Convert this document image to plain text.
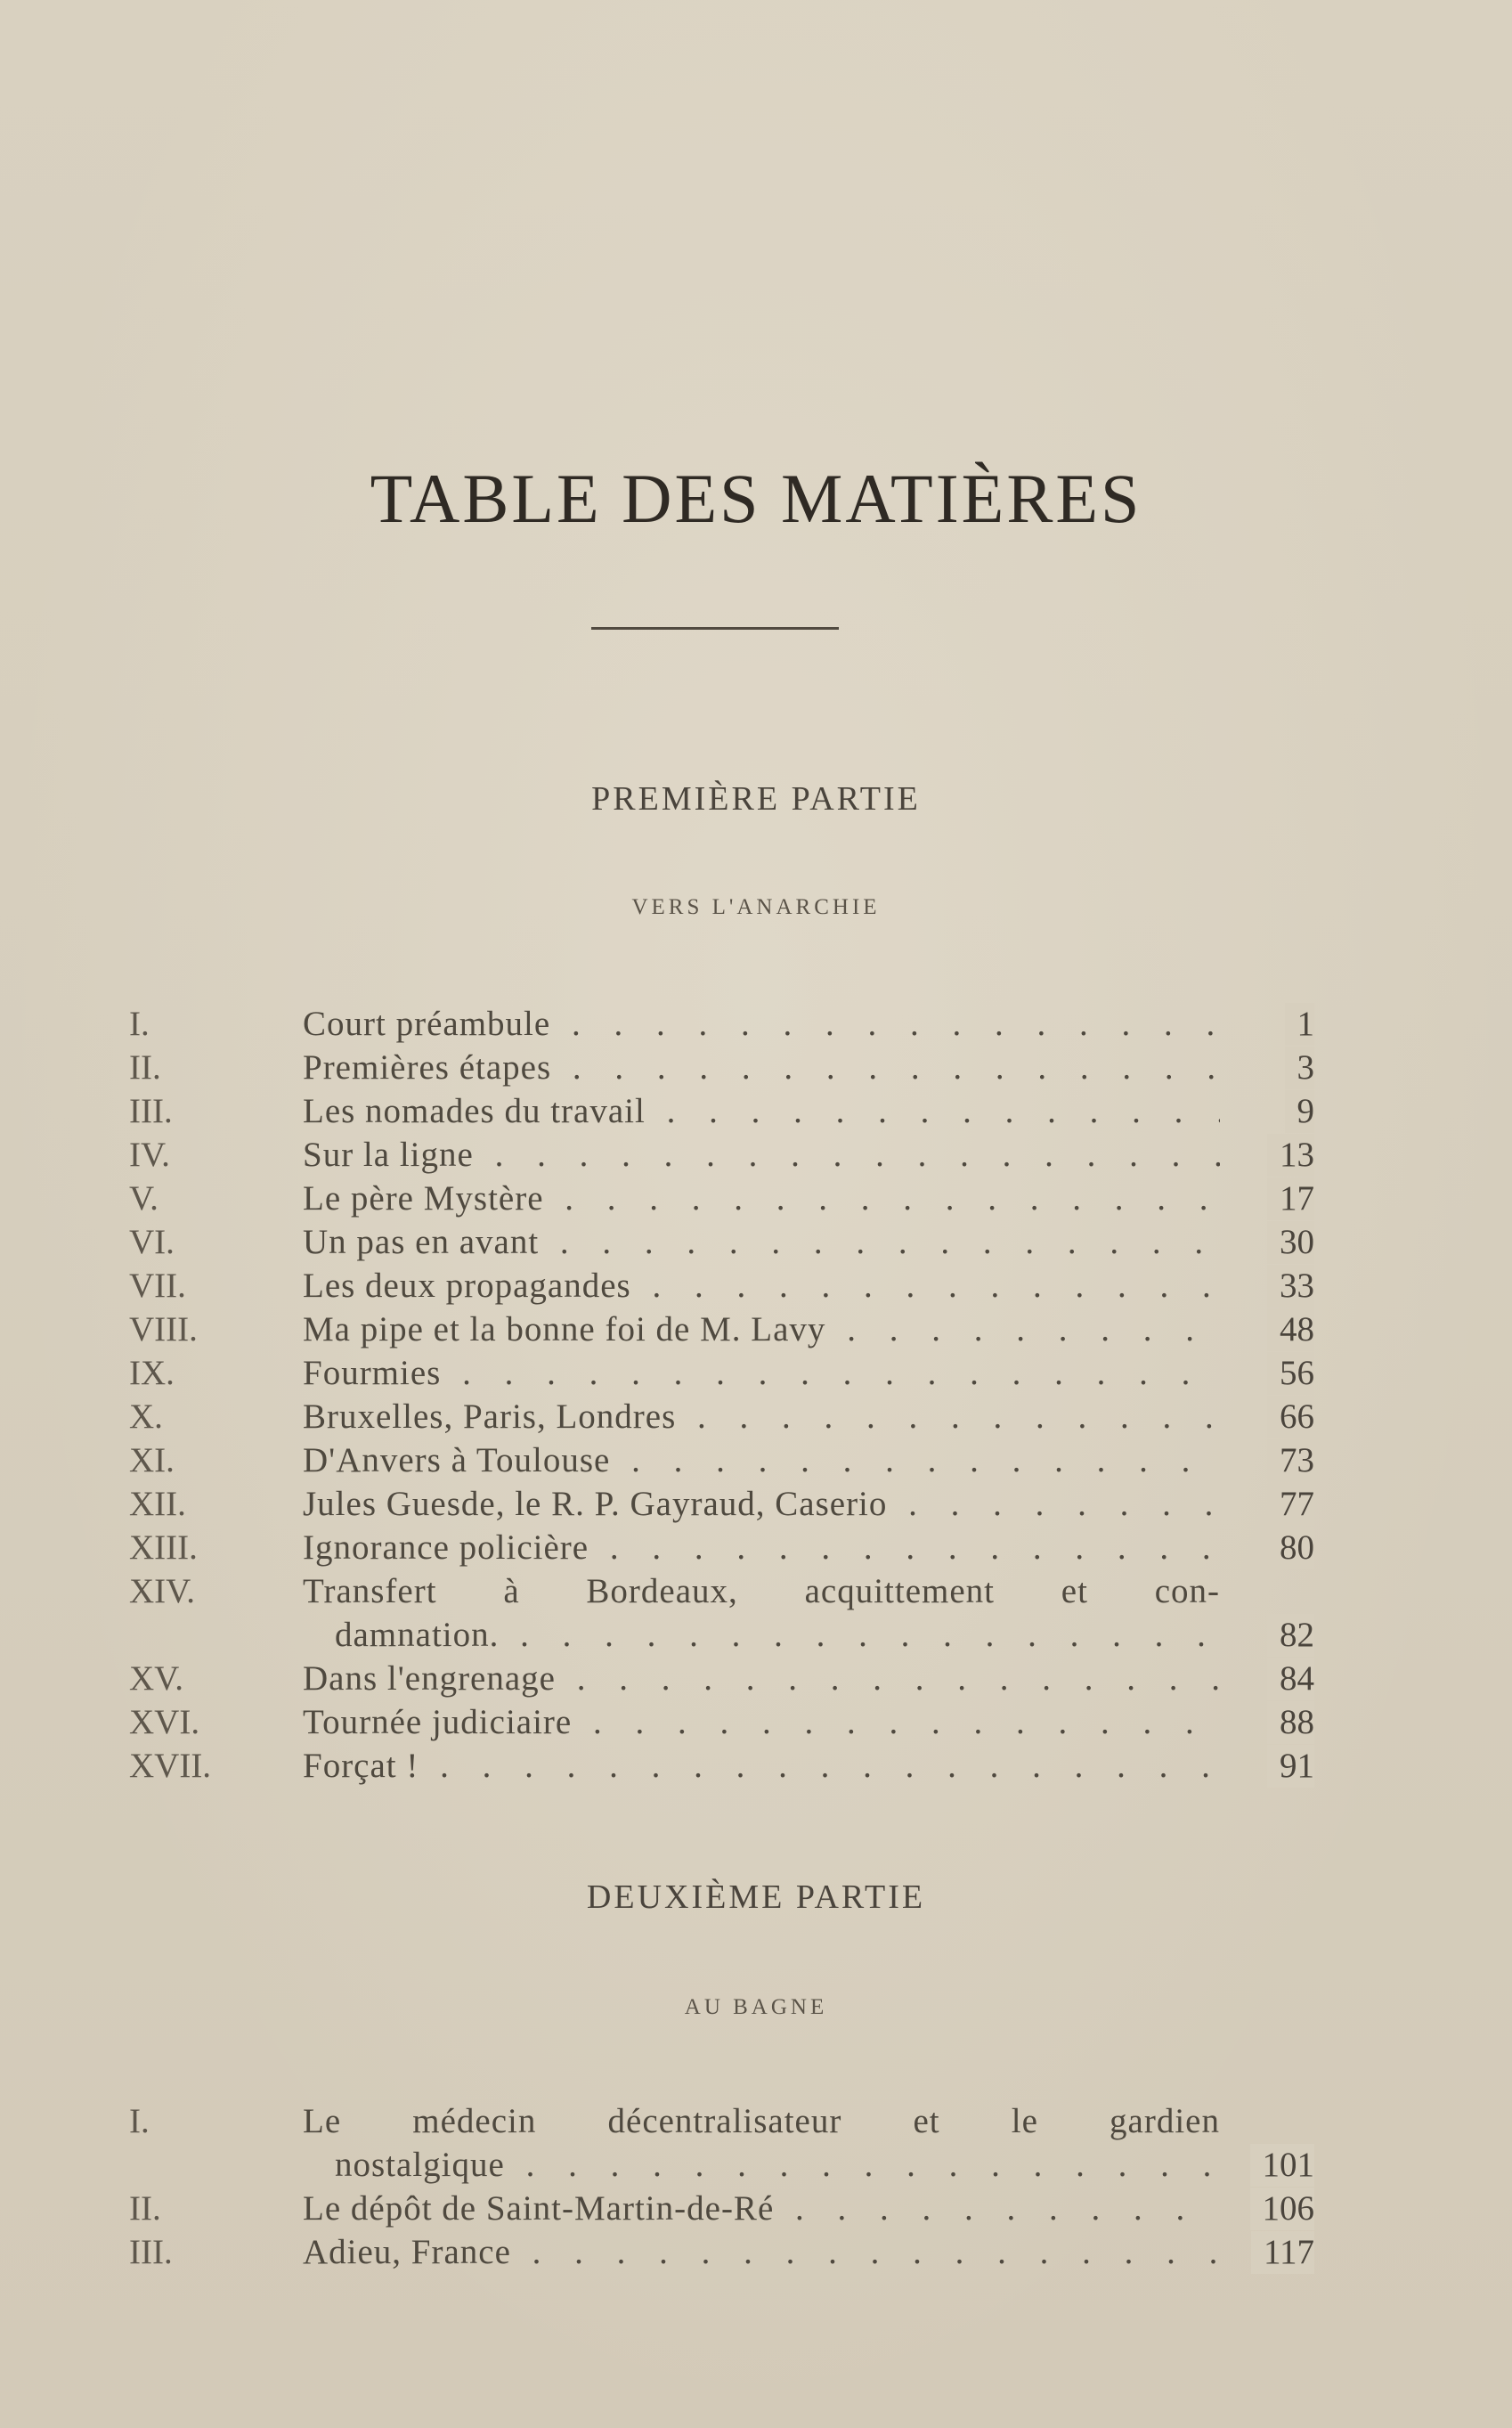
TABLE DES MATIÈRES
PREMIÈRE PARTIE
VERS L'ANARCHIE
I.	Court préambule . . .	1
II.	Premières étapes . . .	3
III.	Les nomades du travail . . .	9
IV.	Sur la ligne . . .	13
V.	Le père Mystère . . .	17
VI.	Un pas en avant . . .	30
VII.	Les deux propagandes . . .	33
VIII.	Ma pipe et la bonne foi de M. Lavy . . .	48
IX.	Fourmies . . .	56
X.	Bruxelles, Paris, Londres . . .	66
XI.	D'Anvers à Toulouse . . .	73
XII.	Jules Guesde, le R. P. Gayraud, Caserio . . .	77
XIII.	Ignorance policière . . .	80
XIV.	Transfert à Bordeaux, acquittement et con-
damnation. . . .	82
XV.	Dans l'engrenage . . .	84
XVI.	Tournée judiciaire . . .	88
XVII.	Forçat ! . . .	91
DEUXIÈME PARTIE
AU BAGNE
I.	Le médecin décentralisateur et le gardien
nostalgique . . .	101
II.	Le dépôt de Saint-Martin-de-Ré . . .	106
III.	Adieu, France . . .	117
